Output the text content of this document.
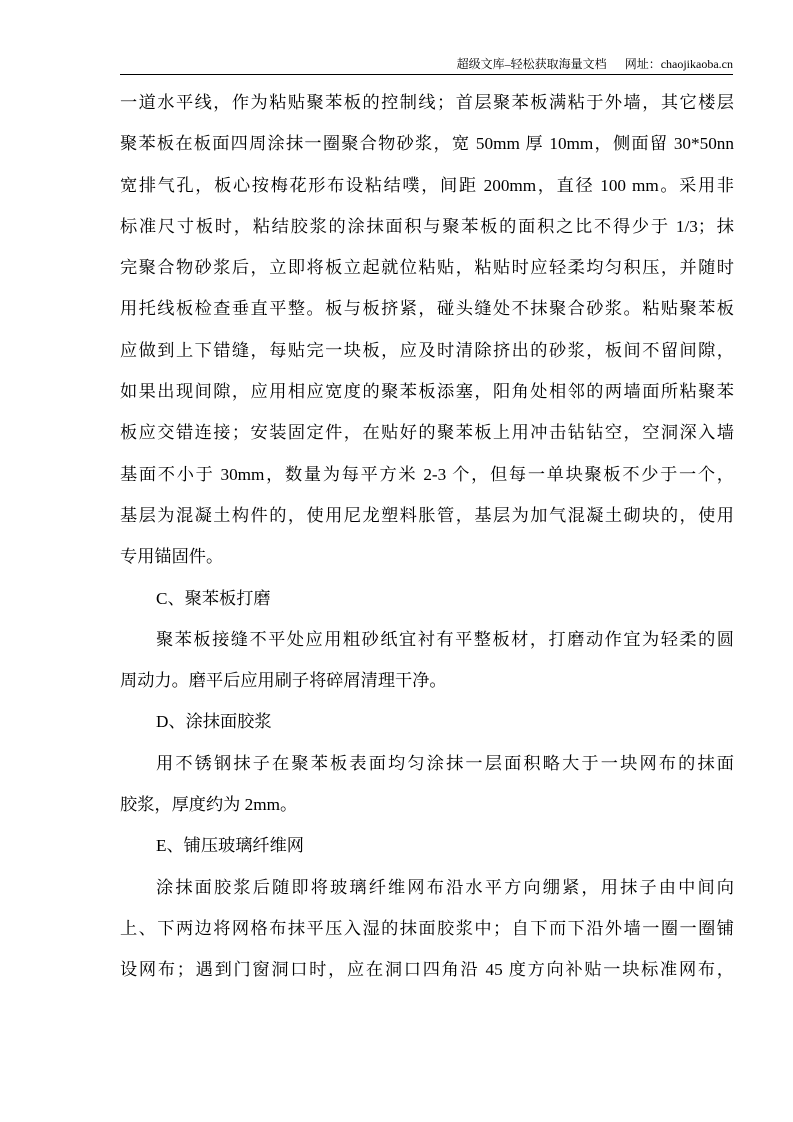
超级文库–轻松获取海量文档 网址：chaojikaoba.cn
一道水平线，作为粘贴聚苯板的控制线；首层聚苯板满粘于外墙，其它楼层
聚苯板在板面四周涂抹一圈聚合物砂浆，宽 50mm 厚 10mm，侧面留 30*50nn
宽排气孔，板心按梅花形布设粘结噗，间距 200mm，直径 100 mm。采用非
标准尺寸板时，粘结胶浆的涂抹面积与聚苯板的面积之比不得少于 1/3；抹
完聚合物砂浆后，立即将板立起就位粘贴，粘贴时应轻柔均匀积压，并随时
用托线板检查垂直平整。板与板挤紧，碰头缝处不抹聚合砂浆。粘贴聚苯板
应做到上下错缝，每贴完一块板，应及时清除挤出的砂浆，板间不留间隙，
如果出现间隙，应用相应宽度的聚苯板添塞，阳角处相邻的两墙面所粘聚苯
板应交错连接；安装固定件，在贴好的聚苯板上用冲击钻钻空，空洞深入墙
基面不小于 30mm，数量为每平方米 2-3 个，但每一单块聚板不少于一个，
基层为混凝土构件的，使用尼龙塑料胀管，基层为加气混凝土砌块的，使用
专用锚固件。
C、聚苯板打磨
聚苯板接缝不平处应用粗砂纸宜衬有平整板材，打磨动作宜为轻柔的圆
周动力。磨平后应用刷子将碎屑清理干净。
D、涂抹面胶浆
用不锈钢抹子在聚苯板表面均匀涂抹一层面积略大于一块网布的抹面
胶浆，厚度约为 2mm。
E、铺压玻璃纤维网
涂抹面胶浆后随即将玻璃纤维网布沿水平方向绷紧，用抹子由中间向
上、下两边将网格布抹平压入湿的抹面胶浆中；自下而下沿外墙一圈一圈铺
设网布；遇到门窗洞口时，应在洞口四角沿 45 度方向补贴一块标准网布，
